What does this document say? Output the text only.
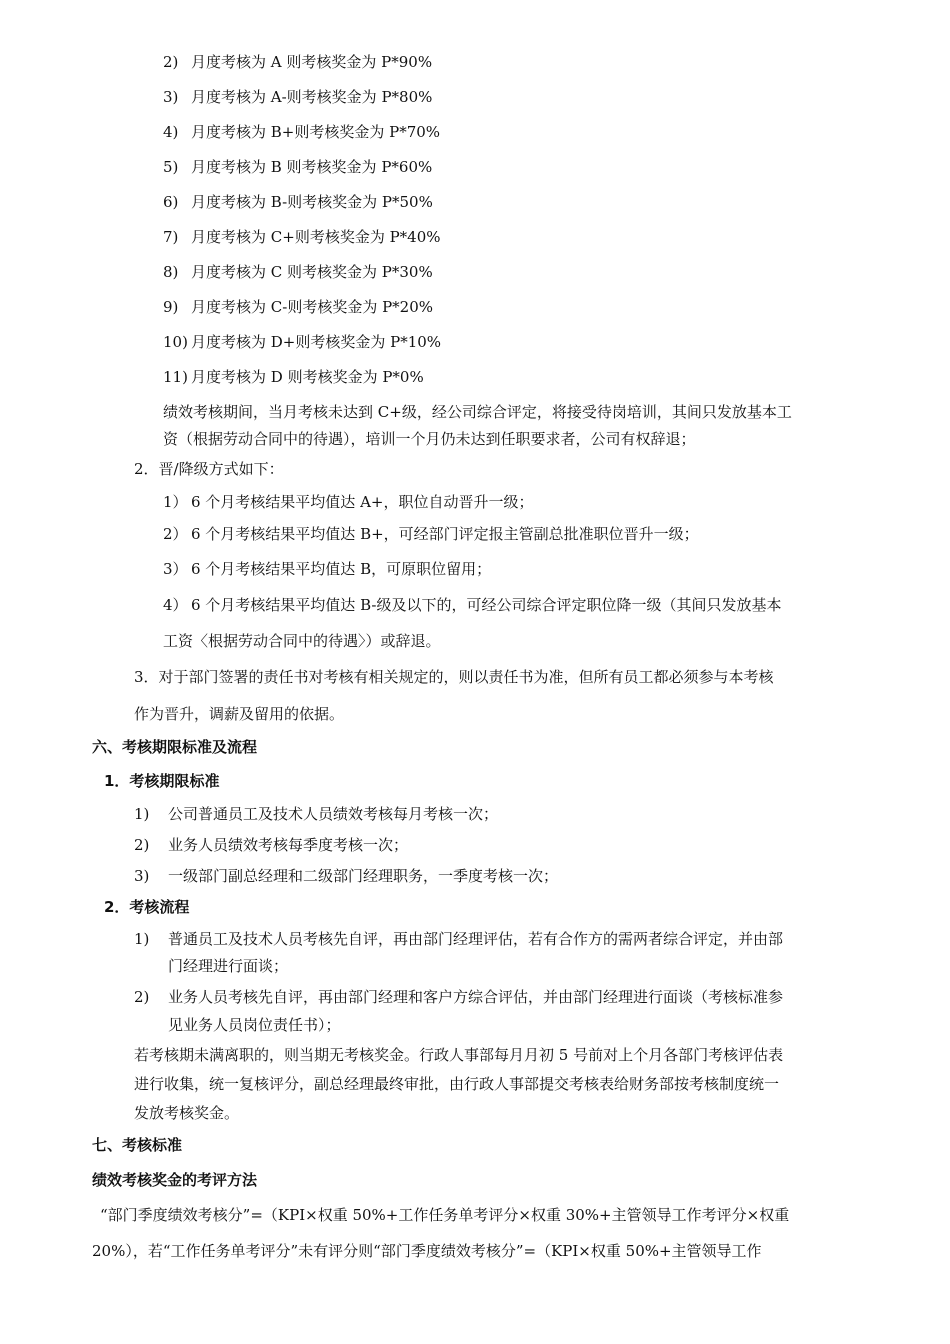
2) 月度考核为 A 则考核奖金为 P*90%
3) 月度考核为 A-则考核奖金为 P*80%
4) 月度考核为 B+则考核奖金为 P*70%
5) 月度考核为 B 则考核奖金为 P*60%
6) 月度考核为 B-则考核奖金为 P*50%
7) 月度考核为 C+则考核奖金为 P*40%
8) 月度考核为 C 则考核奖金为 P*30%
9) 月度考核为 C-则考核奖金为 P*20%
10) 月度考核为 D+则考核奖金为 P*10%
11) 月度考核为 D 则考核奖金为 P*0%
绩效考核期间，当月考核未达到 C+级，经公司综合评定，将接受待岗培训，其间只发放基本工
资（根据劳动合同中的待遇），培训一个月仍未达到任职要求者，公司有权辞退；
2．晋/降级方式如下：
1） 6 个月考核结果平均值达 A+，职位自动晋升一级；
2） 6 个月考核结果平均值达 B+，可经部门评定报主管副总批准职位晋升一级；
3） 6 个月考核结果平均值达 B，可原职位留用；
4） 6 个月考核结果平均值达 B-级及以下的，可经公司综合评定职位降一级（其间只发放基本
工资〈根据劳动合同中的待遇〉）或辞退。
3．对于部门签署的责任书对考核有相关规定的，则以责任书为准，但所有员工都必须参与本考核
作为晋升，调薪及留用的依据。
六、考核期限标准及流程
1．考核期限标准
1) 公司普通员工及技术人员绩效考核每月考核一次；
2) 业务人员绩效考核每季度考核一次；
3) 一级部门副总经理和二级部门经理职务，一季度考核一次；
2．考核流程
1) 普通员工及技术人员考核先自评，再由部门经理评估，若有合作方的需两者综合评定，并由部
门经理进行面谈；
2) 业务人员考核先自评，再由部门经理和客户方综合评估，并由部门经理进行面谈（考核标准参
见业务人员岗位责任书）；
若考核期未满离职的，则当期无考核奖金。行政人事部每月月初 5 号前对上个月各部门考核评估表
进行收集，统一复核评分，副总经理最终审批，由行政人事部提交考核表给财务部按考核制度统一
发放考核奖金。
七、考核标准
绩效考核奖金的考评方法
“部门季度绩效考核分”=（KPI×权重 50%+工作任务单考评分×权重 30%+主管领导工作考评分×权重
20%），若“工作任务单考评分”未有评分则“部门季度绩效考核分”=（KPI×权重 50%+主管领导工作
